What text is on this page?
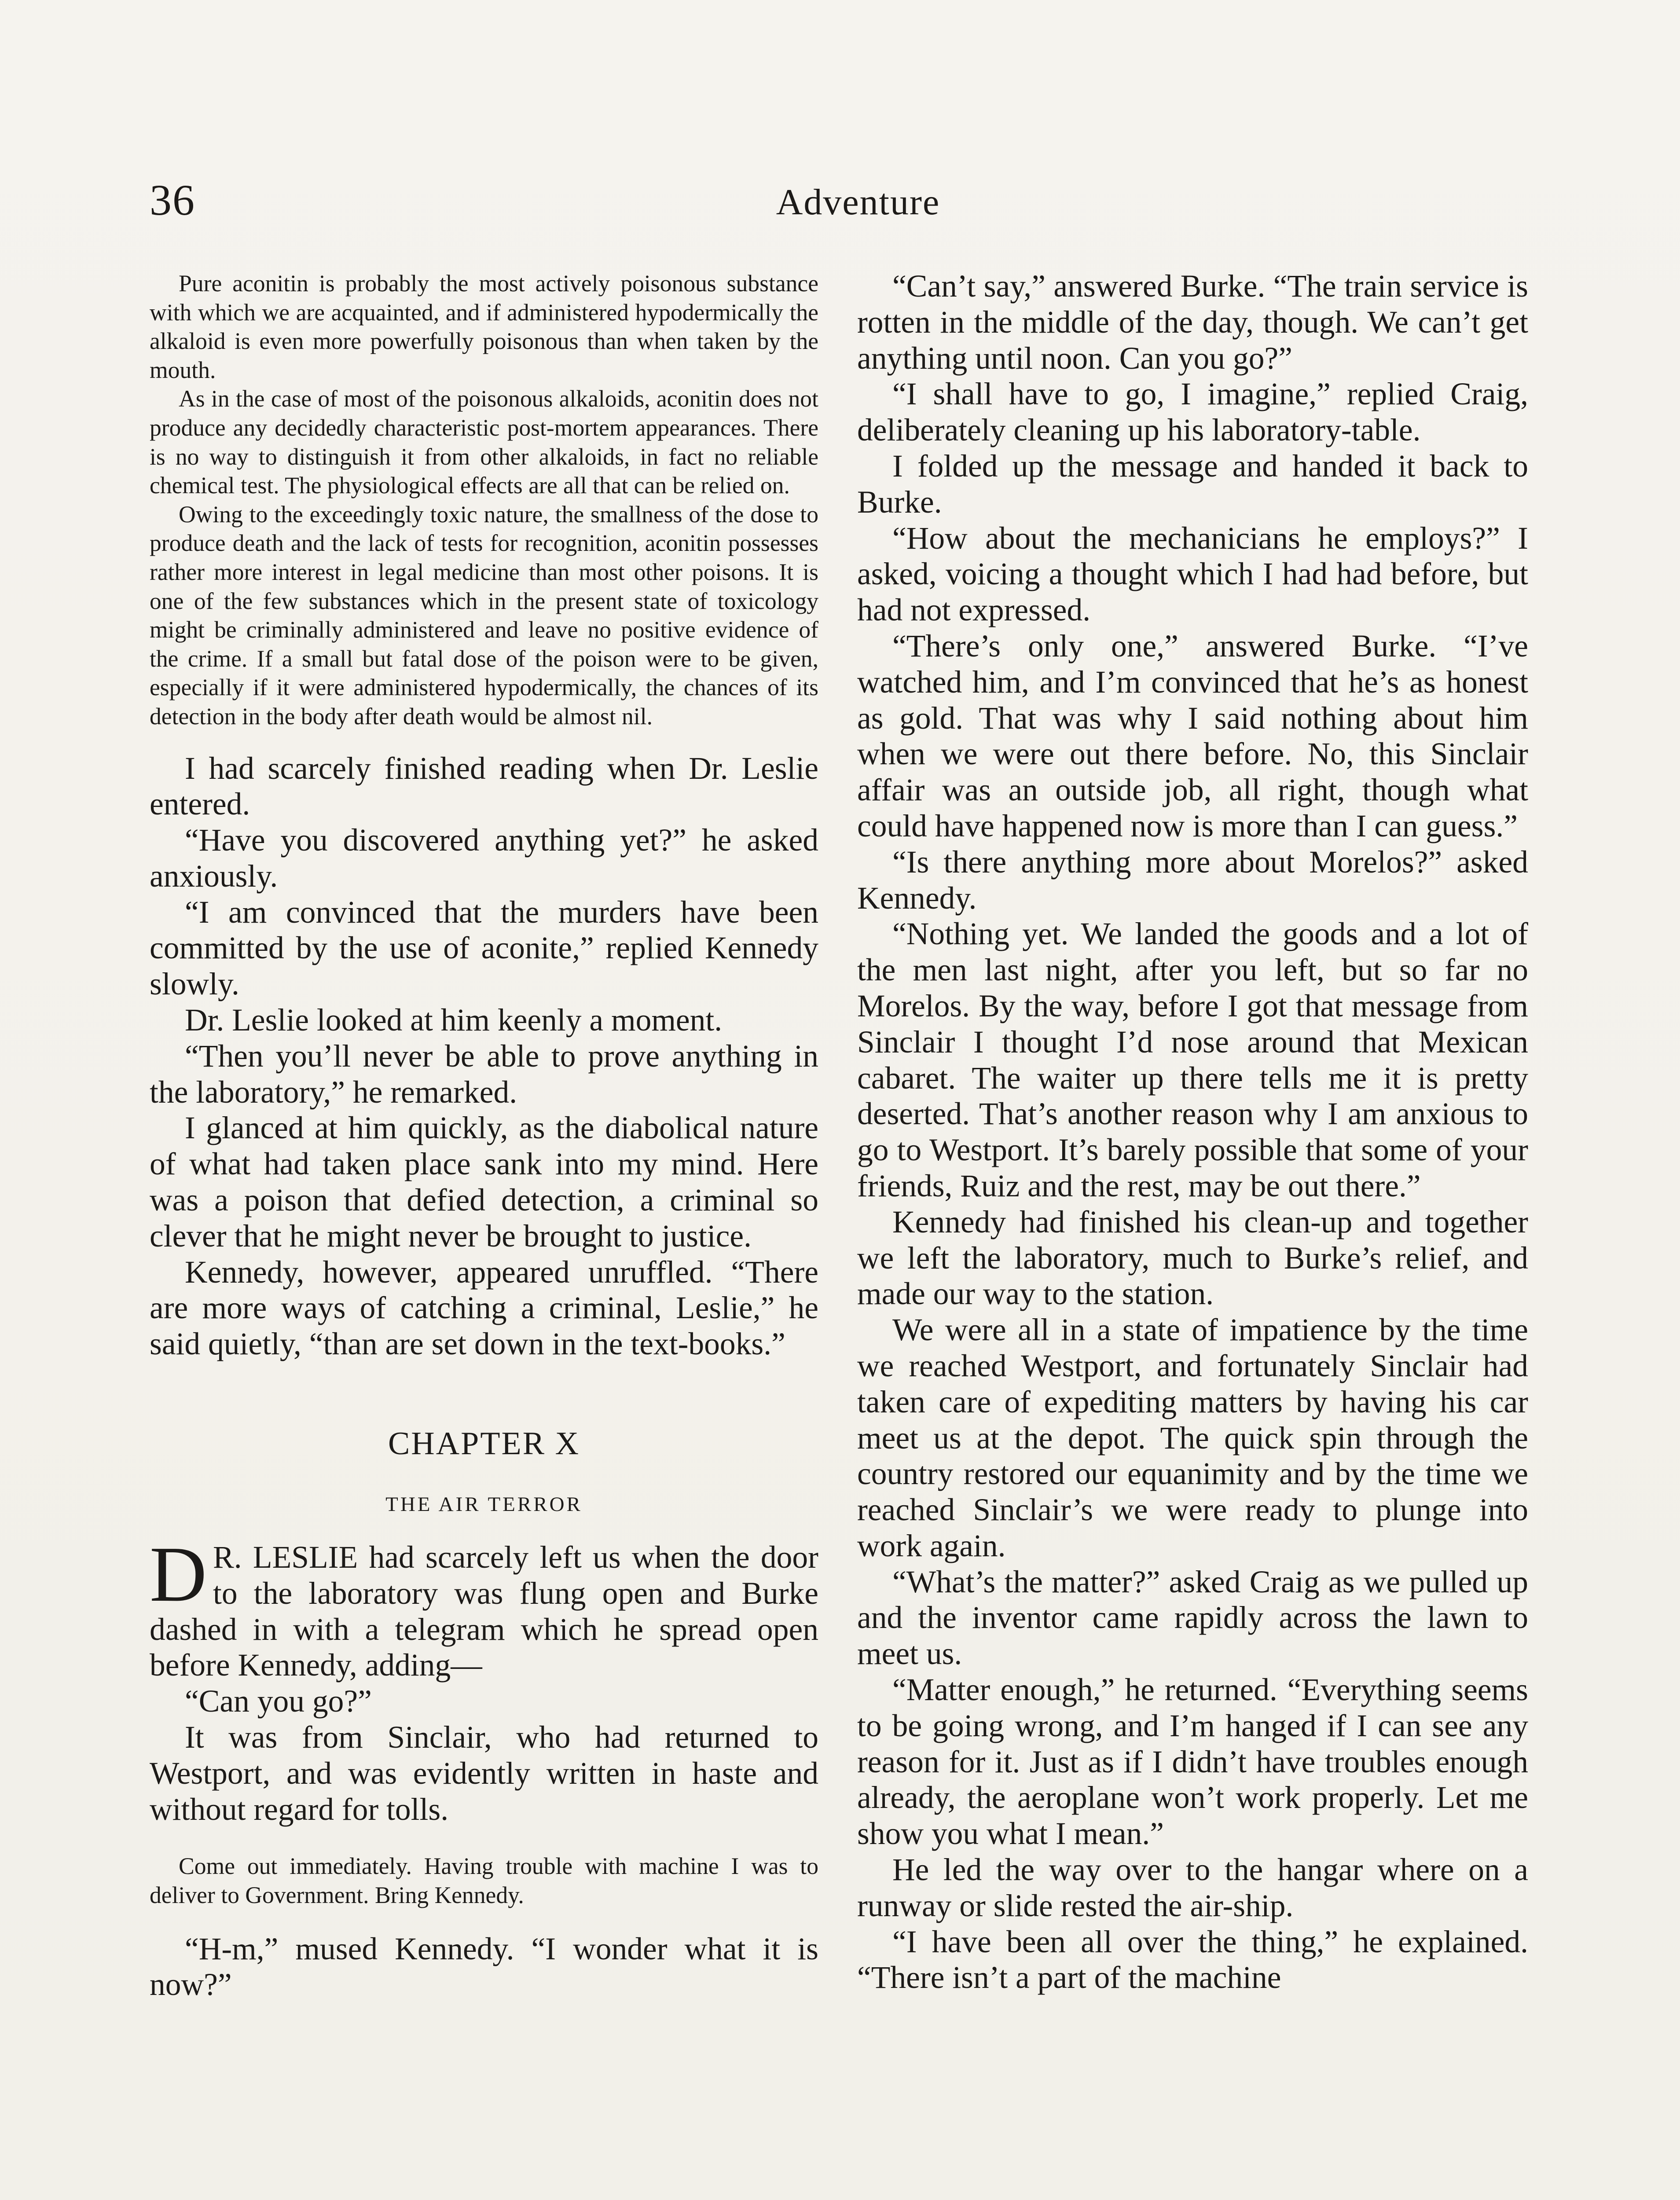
36	Adventure

Pure aconitin is probably the most actively poisonous substance with which we are acquainted, and if administered hypodermically the alkaloid is even more powerfully poisonous than when taken by the mouth.

As in the case of most of the poisonous alkaloids, aconitin does not produce any decidedly characteristic post-mortem appearances. There is no way to distinguish it from other alkaloids, in fact no reliable chemical test. The physiological effects are all that can be relied on.

Owing to the exceedingly toxic nature, the smallness of the dose to produce death and the lack of tests for recognition, aconitin possesses rather more interest in legal medicine than most other poisons. It is one of the few substances which in the present state of toxicology might be criminally administered and leave no positive evidence of the crime. If a small but fatal dose of the poison were to be given, especially if it were administered hypodermically, the chances of its detection in the body after death would be almost nil.

I had scarcely finished reading when Dr. Leslie entered.

“Have you discovered anything yet?” he asked anxiously.

“I am convinced that the murders have been committed by the use of aconite,” replied Kennedy slowly.

Dr. Leslie looked at him keenly a moment.

“Then you’ll never be able to prove anything in the laboratory,” he remarked.

I glanced at him quickly, as the diabolical nature of what had taken place sank into my mind. Here was a poison that defied detection, a criminal so clever that he might never be brought to justice.

Kennedy, however, appeared unruffled. “There are more ways of catching a criminal, Leslie,” he said quietly, “than are set down in the text-books.”

CHAPTER X
THE AIR TERROR

D R. LESLIE had scarcely left us when the door to the laboratory was flung open and Burke dashed in with a telegram which he spread open before Kennedy, adding—

“Can you go?”

It was from Sinclair, who had returned to Westport, and was evidently written in haste and without regard for tolls.

Come out immediately. Having trouble with machine I was to deliver to Government. Bring Kennedy.

“H-m,” mused Kennedy. “I wonder what it is now?”

“Can’t say,” answered Burke. “The train service is rotten in the middle of the day, though. We can’t get anything until noon. Can you go?”

“I shall have to go, I imagine,” replied Craig, deliberately cleaning up his laboratory-table.

I folded up the message and handed it back to Burke.

“How about the mechanicians he employs?” I asked, voicing a thought which I had had before, but had not expressed.

“There’s only one,” answered Burke. “I’ve watched him, and I’m convinced that he’s as honest as gold. That was why I said nothing about him when we were out there before. No, this Sinclair affair was an outside job, all right, though what could have happened now is more than I can guess.”

“Is there anything more about Morelos?” asked Kennedy.

“Nothing yet. We landed the goods and a lot of the men last night, after you left, but so far no Morelos. By the way, before I got that message from Sinclair I thought I’d nose around that Mexican cabaret. The waiter up there tells me it is pretty deserted. That’s another reason why I am anxious to go to Westport. It’s barely possible that some of your friends, Ruiz and the rest, may be out there.”

Kennedy had finished his clean-up and together we left the laboratory, much to Burke’s relief, and made our way to the station.

We were all in a state of impatience by the time we reached Westport, and fortunately Sinclair had taken care of expediting matters by having his car meet us at the depot. The quick spin through the country restored our equanimity and by the time we reached Sinclair’s we were ready to plunge into work again.

“What’s the matter?” asked Craig as we pulled up and the inventor came rapidly across the lawn to meet us.

“Matter enough,” he returned. “Everything seems to be going wrong, and I’m hanged if I can see any reason for it. Just as if I didn’t have troubles enough already, the aeroplane won’t work properly. Let me show you what I mean.”

He led the way over to the hangar where on a runway or slide rested the air-ship.

“I have been all over the thing,” he explained. “There isn’t a part of the machine
